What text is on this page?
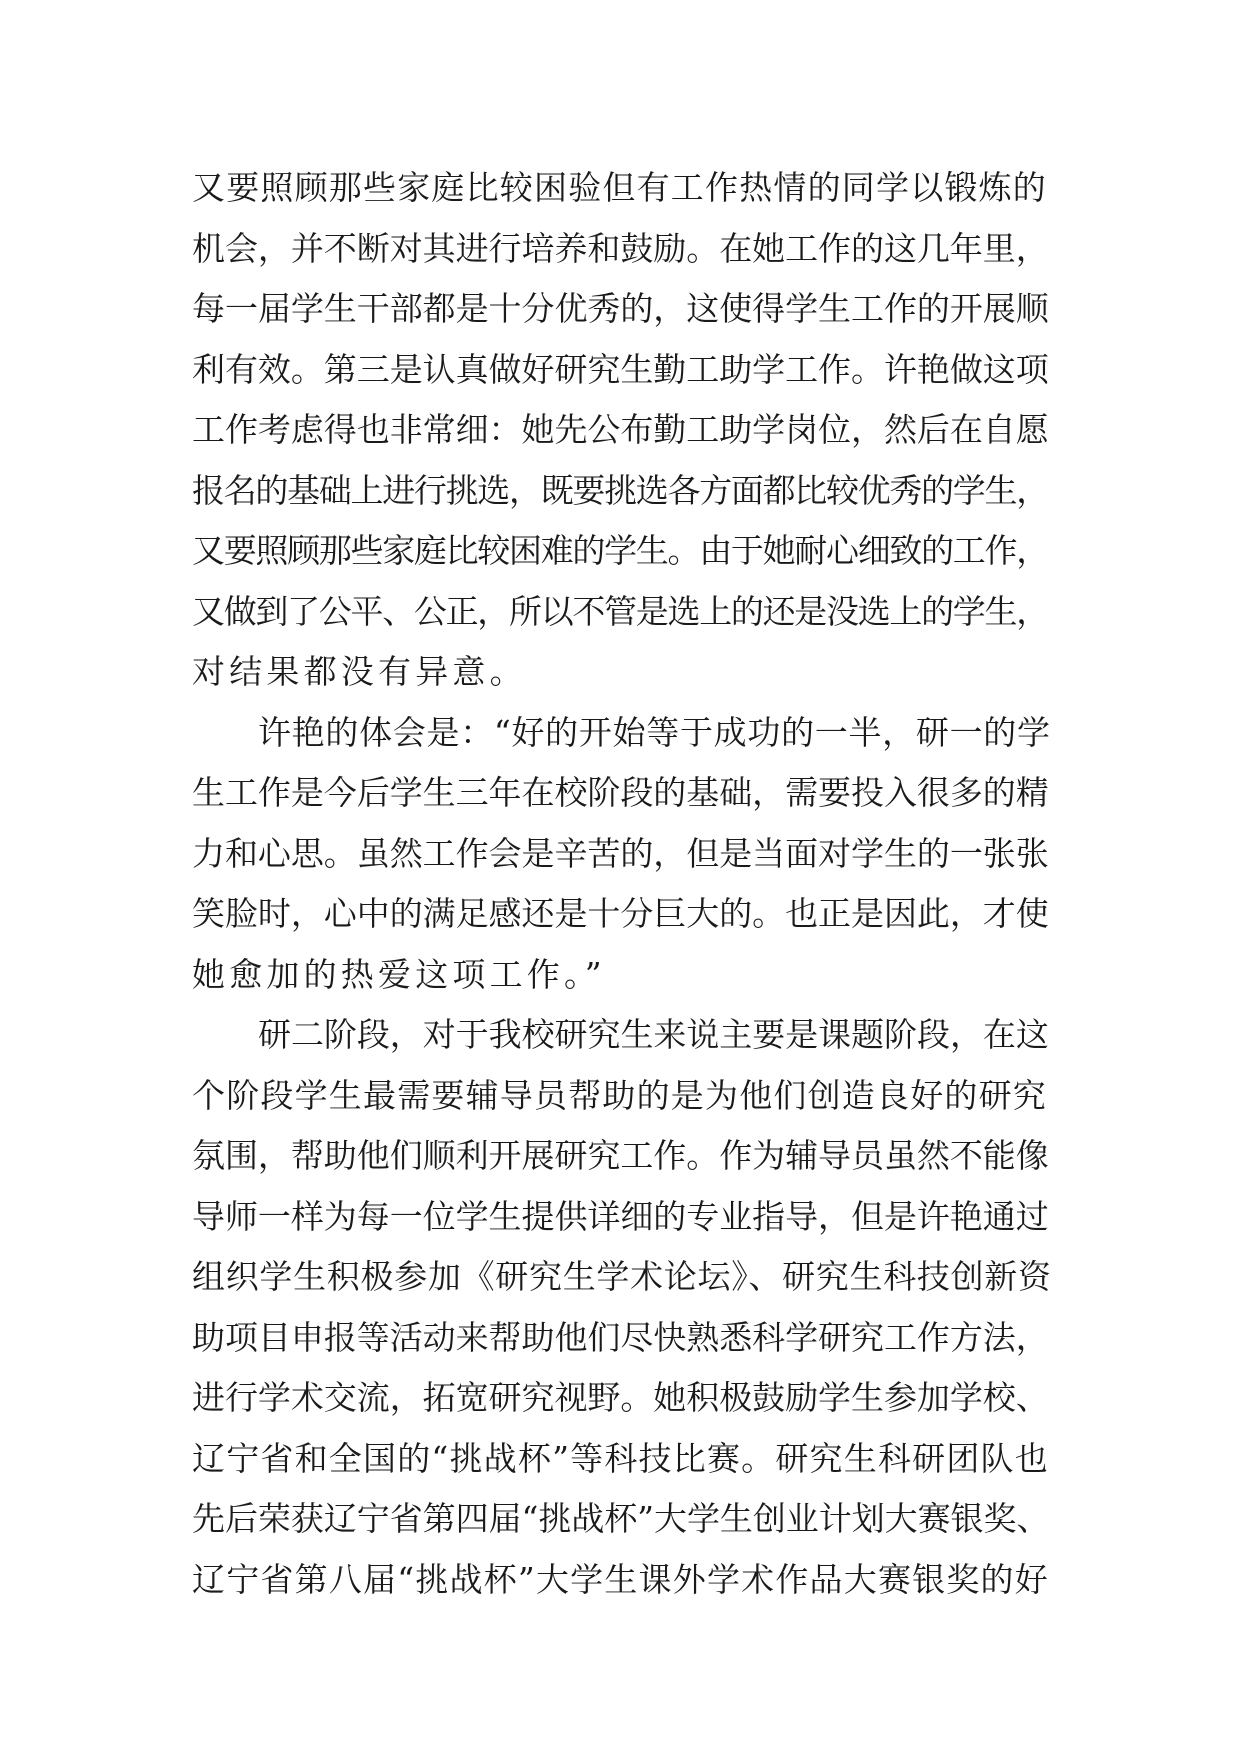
又要照顾那些家庭比较困验但有工作热情的同学以锻炼的
机会，并不断对其进行培养和鼓励。在她工作的这几年里，
每一届学生干部都是十分优秀的，这使得学生工作的开展顺
利有效。第三是认真做好研究生勤工助学工作。许艳做这项
工作考虑得也非常细：她先公布勤工助学岗位，然后在自愿
报名的基础上进行挑选，既要挑选各方面都比较优秀的学生，
又要照顾那些家庭比较困难的学生。由于她耐心细致的工作，
又做到了公平、公正，所以不管是选上的还是没选上的学生，
对结果都没有异意。
许艳的体会是：“好的开始等于成功的一半，研一的学
生工作是今后学生三年在校阶段的基础，需要投入很多的精
力和心思。虽然工作会是辛苦的，但是当面对学生的一张张
笑脸时，心中的满足感还是十分巨大的。也正是因此，才使
她愈加的热爱这项工作。”
研二阶段，对于我校研究生来说主要是课题阶段，在这
个阶段学生最需要辅导员帮助的是为他们创造良好的研究
氛围，帮助他们顺利开展研究工作。作为辅导员虽然不能像
导师一样为每一位学生提供详细的专业指导，但是许艳通过
组织学生积极参加《研究生学术论坛》、研究生科技创新资
助项目申报等活动来帮助他们尽快熟悉科学研究工作方法，
进行学术交流，拓宽研究视野。她积极鼓励学生参加学校、
辽宁省和全国的“挑战杯”等科技比赛。研究生科研团队也
先后荣获辽宁省第四届“挑战杯”大学生创业计划大赛银奖、
辽宁省第八届“挑战杯”大学生课外学术作品大赛银奖的好
